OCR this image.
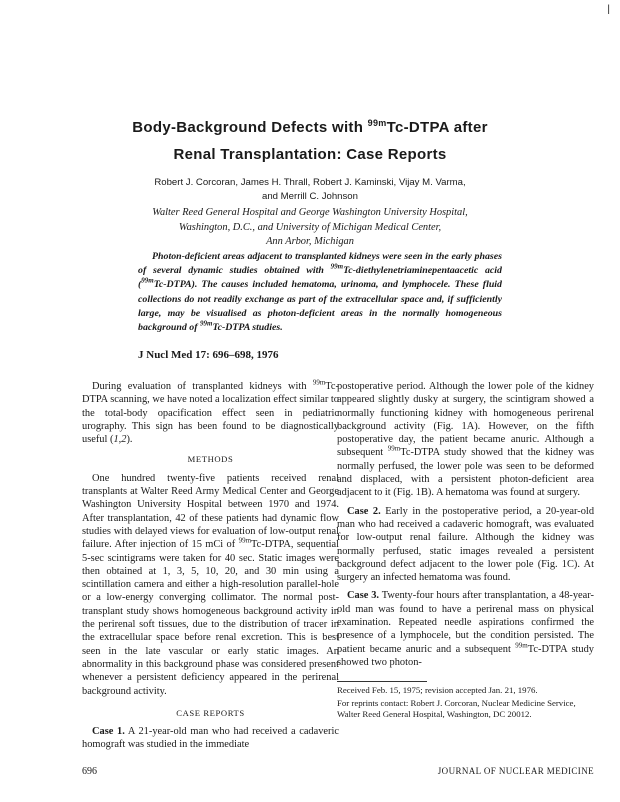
|
Body-Background Defects with $^{99m}$Tc-DTPA after
Renal Transplantation: Case Reports
Robert J. Corcoran, James H. Thrall, Robert J. Kaminski, Vijay M. Varma,
and Merrill C. Johnson
Walter Reed General Hospital and George Washington University Hospital,
Washington, D.C., and University of Michigan Medical Center,
Ann Arbor, Michigan
Photon-deficient areas adjacent to transplanted kidneys were seen in the early phases of several dynamic studies obtained with $^{99m}$Tc-diethylenetriaminepentaacetic acid ($^{99m}$Tc-DTPA). The causes included hematoma, urinoma, and lymphocele. These fluid collections do not readily exchange as part of the extracellular space and, if sufficiently large, may be visualised as photon-deficient areas in the normally homogeneous background of $^{99m}$Tc-DTPA studies.
J Nucl Med 17: 696–698, 1976

During evaluation of transplanted kidneys with $^{99m}$Tc-DTPA scanning, we have noted a localization effect similar to the total-body opacification effect seen in pediatric urography. This sign has been found to be diagnostically useful (1,2).

METHODS

One hundred twenty-five patients received renal transplants at Walter Reed Army Medical Center and George Washington University Hospital between 1970 and 1974. After transplantation, 42 of these patients had dynamic flow studies with delayed views for evaluation of low-output renal failure. After injection of 15 mCi of $^{99m}$Tc-DTPA, sequential 5-sec scintigrams were taken for 40 sec. Static images were then obtained at 1, 3, 5, 10, 20, and 30 min using a scintillation camera and either a high-resolution parallel-hole or a low-energy converging collimator. The normal post-transplant study shows homogeneous background activity in the perirenal soft tissues, due to the distribution of tracer in the extracellular space before renal excretion. This is best seen in the late vascular or early static images. An abnormality in this background phase was considered present whenever a persistent deficiency appeared in the perirenal background activity.

CASE REPORTS

Case 1. A 21-year-old man who had received a cadaveric homograft was studied in the immediate

postoperative period. Although the lower pole of the kidney appeared slightly dusky at surgery, the scintigram showed a normally functioning kidney with homogeneous perirenal background activity (Fig. 1A). However, on the fifth postoperative day, the patient became anuric. Although a subsequent $^{99m}$Tc-DTPA study showed that the kidney was normally perfused, the lower pole was seen to be deformed and displaced, with a persistent photon-deficient area adjacent to it (Fig. 1B). A hematoma was found at surgery.

Case 2. Early in the postoperative period, a 20-year-old man who had received a cadaveric homograft, was evaluated for low-output renal failure. Although the kidney was normally perfused, static images revealed a persistent background defect adjacent to the lower pole (Fig. 1C). At surgery an infected hematoma was found.

Case 3. Twenty-four hours after transplantation, a 48-year-old man was found to have a perirenal mass on physical examination. Repeated needle aspirations confirmed the presence of a lymphocele, but the condition persisted. The patient became anuric and a subsequent $^{99m}$Tc-DTPA study showed two photon-

Received Feb. 15, 1975; revision accepted Jan. 21, 1976.
For reprints contact: Robert J. Corcoran, Nuclear Medicine Service, Walter Reed General Hospital, Washington, DC 20012.
696	JOURNAL OF NUCLEAR MEDICINE
